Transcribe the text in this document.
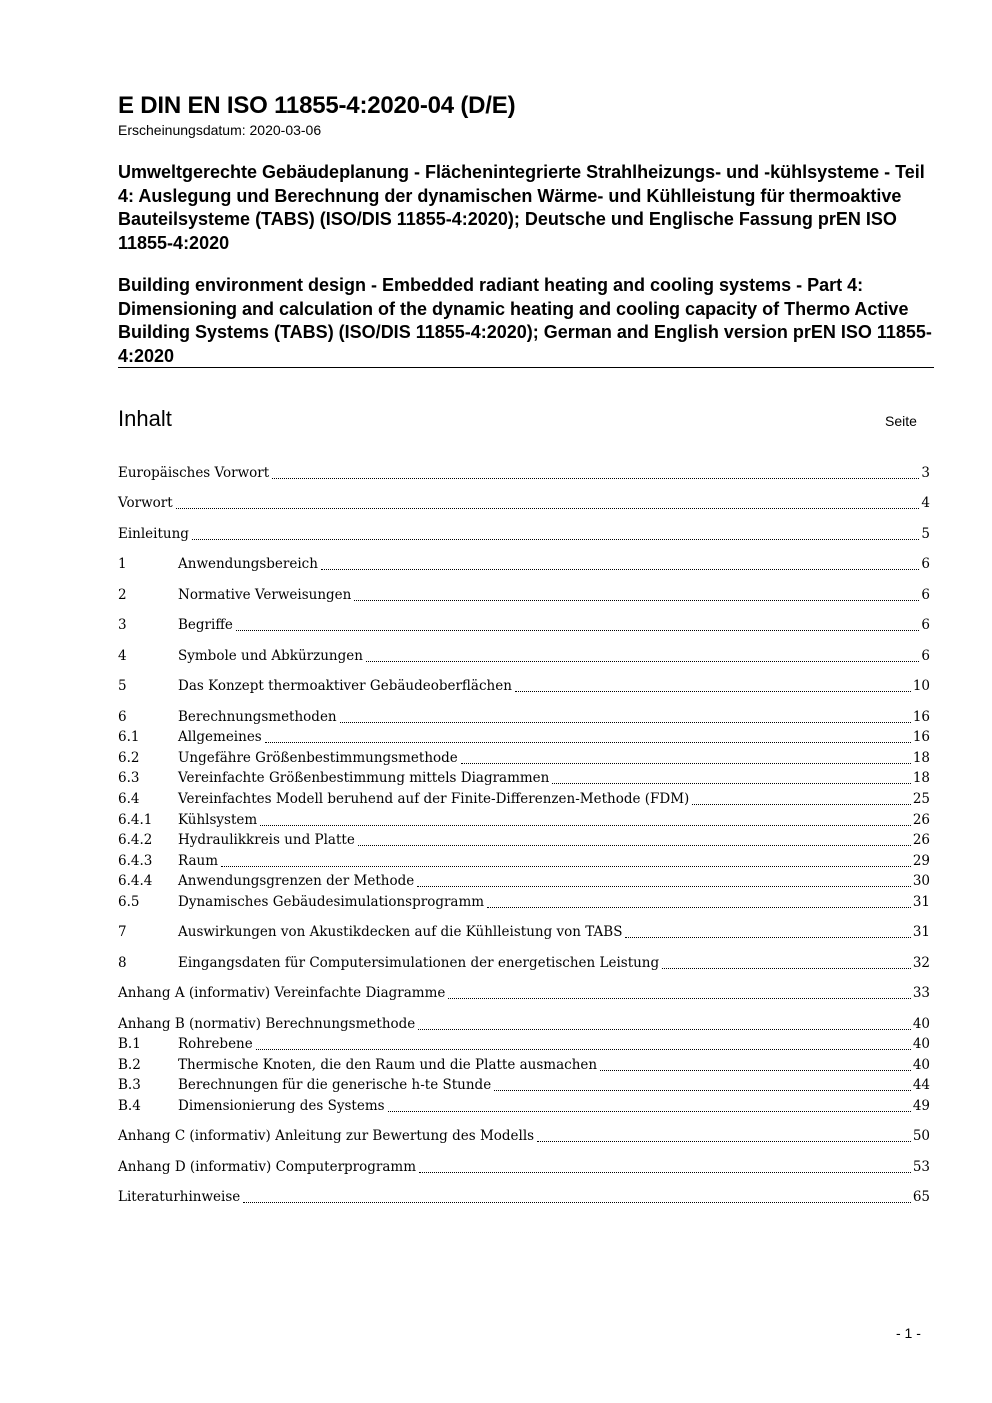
E DIN EN ISO 11855-4:2020-04 (D/E)
Erscheinungsdatum: 2020-03-06

Umweltgerechte Gebäudeplanung - Flächenintegrierte Strahlheizungs- und -kühlsysteme - Teil 4: Auslegung und Berechnung der dynamischen Wärme- und Kühlleistung für thermoaktive Bauteilsysteme (TABS) (ISO/DIS 11855-4:2020); Deutsche und Englische Fassung prEN ISO 11855-4:2020

Building environment design - Embedded radiant heating and cooling systems - Part 4: Dimensioning and calculation of the dynamic heating and cooling capacity of Thermo Active Building Systems (TABS) (ISO/DIS 11855-4:2020); German and English version prEN ISO 11855-4:2020

Inhalt	Seite
Europäisches Vorwort	3
Vorwort	4
Einleitung	5
1	Anwendungsbereich	6
2	Normative Verweisungen	6
3	Begriffe	6
4	Symbole und Abkürzungen	6
5	Das Konzept thermoaktiver Gebäudeoberflächen	10
6	Berechnungsmethoden	16
6.1	Allgemeines	16
6.2	Ungefähre Größenbestimmungsmethode	18
6.3	Vereinfachte Größenbestimmung mittels Diagrammen	18
6.4	Vereinfachtes Modell beruhend auf der Finite-Differenzen-Methode (FDM)	25
6.4.1	Kühlsystem	26
6.4.2	Hydraulikkreis und Platte	26
6.4.3	Raum	29
6.4.4	Anwendungsgrenzen der Methode	30
6.5	Dynamisches Gebäudesimulationsprogramm	31
7	Auswirkungen von Akustikdecken auf die Kühlleistung von TABS	31
8	Eingangsdaten für Computersimulationen der energetischen Leistung	32
Anhang A (informativ) Vereinfachte Diagramme	33
Anhang B (normativ) Berechnungsmethode	40
B.1	Rohrebene	40
B.2	Thermische Knoten, die den Raum und die Platte ausmachen	40
B.3	Berechnungen für die generische h-te Stunde	44
B.4	Dimensionierung des Systems	49
Anhang C (informativ) Anleitung zur Bewertung des Modells	50
Anhang D (informativ) Computerprogramm	53
Literaturhinweise	65
- 1 -
